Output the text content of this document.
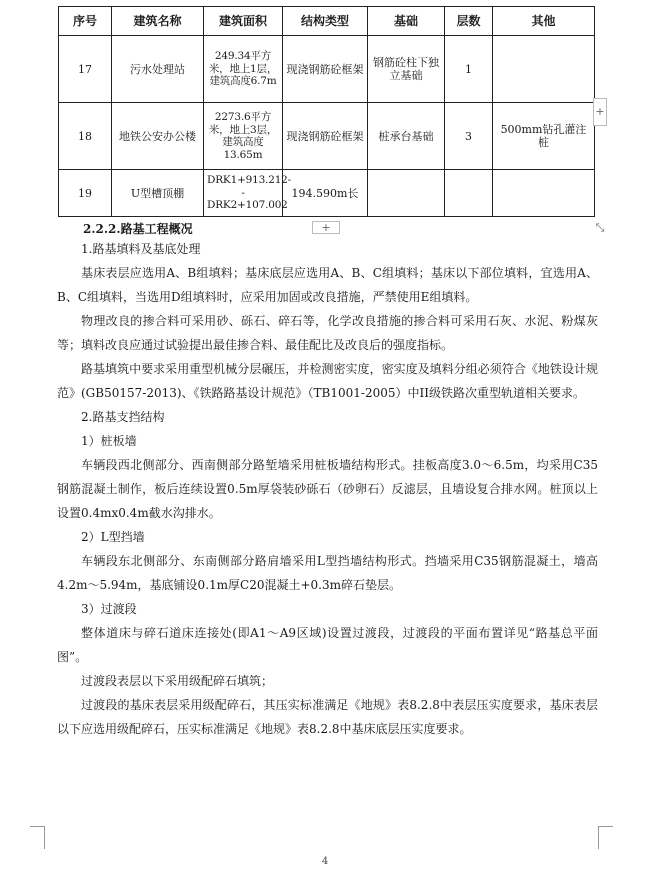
序号	建筑名称	建筑面积	结构类型	基础	层数	其他
17	污水处理站	249.34平方米，地上1层，建筑高度6.7m	现浇钢筋砼框架	钢筋砼柱下独立基础	1	
18	地铁公安办公楼	2273.6平方米，地上3层，建筑高度13.65m	现浇钢筋砼框架	桩承台基础	3	500mm钻孔灌注桩
19	U型槽顶棚	DRK1+913.212--DRK2+107.002	194.590m长			
+
+	⤡
2.2.2.路基工程概况

1.路基填料及基底处理

基床表层应选用A、B组填料；基床底层应选用A、B、C组填料；基床以下部位填料，宜选用A、B、C组填料，当选用D组填料时，应采用加固或改良措施，严禁使用E组填料。

物理改良的掺合料可采用砂、砾石、碎石等，化学改良措施的掺合料可采用石灰、水泥、粉煤灰等；填料改良应通过试验提出最佳掺合料、最佳配比及改良后的强度指标。

路基填筑中要求采用重型机械分层碾压，并检测密实度，密实度及填料分组必须符合《地铁设计规范》(GB50157-2013)、《铁路路基设计规范》（TB1001-2005）中II级铁路次重型轨道相关要求。

2.路基支挡结构

1）桩板墙

车辆段西北侧部分、西南侧部分路堑墙采用桩板墙结构形式。挂板高度3.0～6.5m，均采用C35钢筋混凝土制作，板后连续设置0.5m厚袋装砂砾石（砂卵石）反滤层，且墙设复合排水网。桩顶以上设置0.4mx0.4m截水沟排水。

2）L型挡墙

车辆段东北侧部分、东南侧部分路肩墙采用L型挡墙结构形式。挡墙采用C35钢筋混凝土，墙高4.2m～5.94m，基底铺设0.1m厚C20混凝土+0.3m碎石垫层。

3）过渡段

整体道床与碎石道床连接处(即A1～A9区域)设置过渡段，过渡段的平面布置详见“路基总平面图”。

过渡段表层以下采用级配碎石填筑；

过渡段的基床表层采用级配碎石，其压实标准满足《地规》表8.2.8中表层压实度要求，基床表层以下应选用级配碎石，压实标准满足《地规》表8.2.8中基床底层压实度要求。

4
